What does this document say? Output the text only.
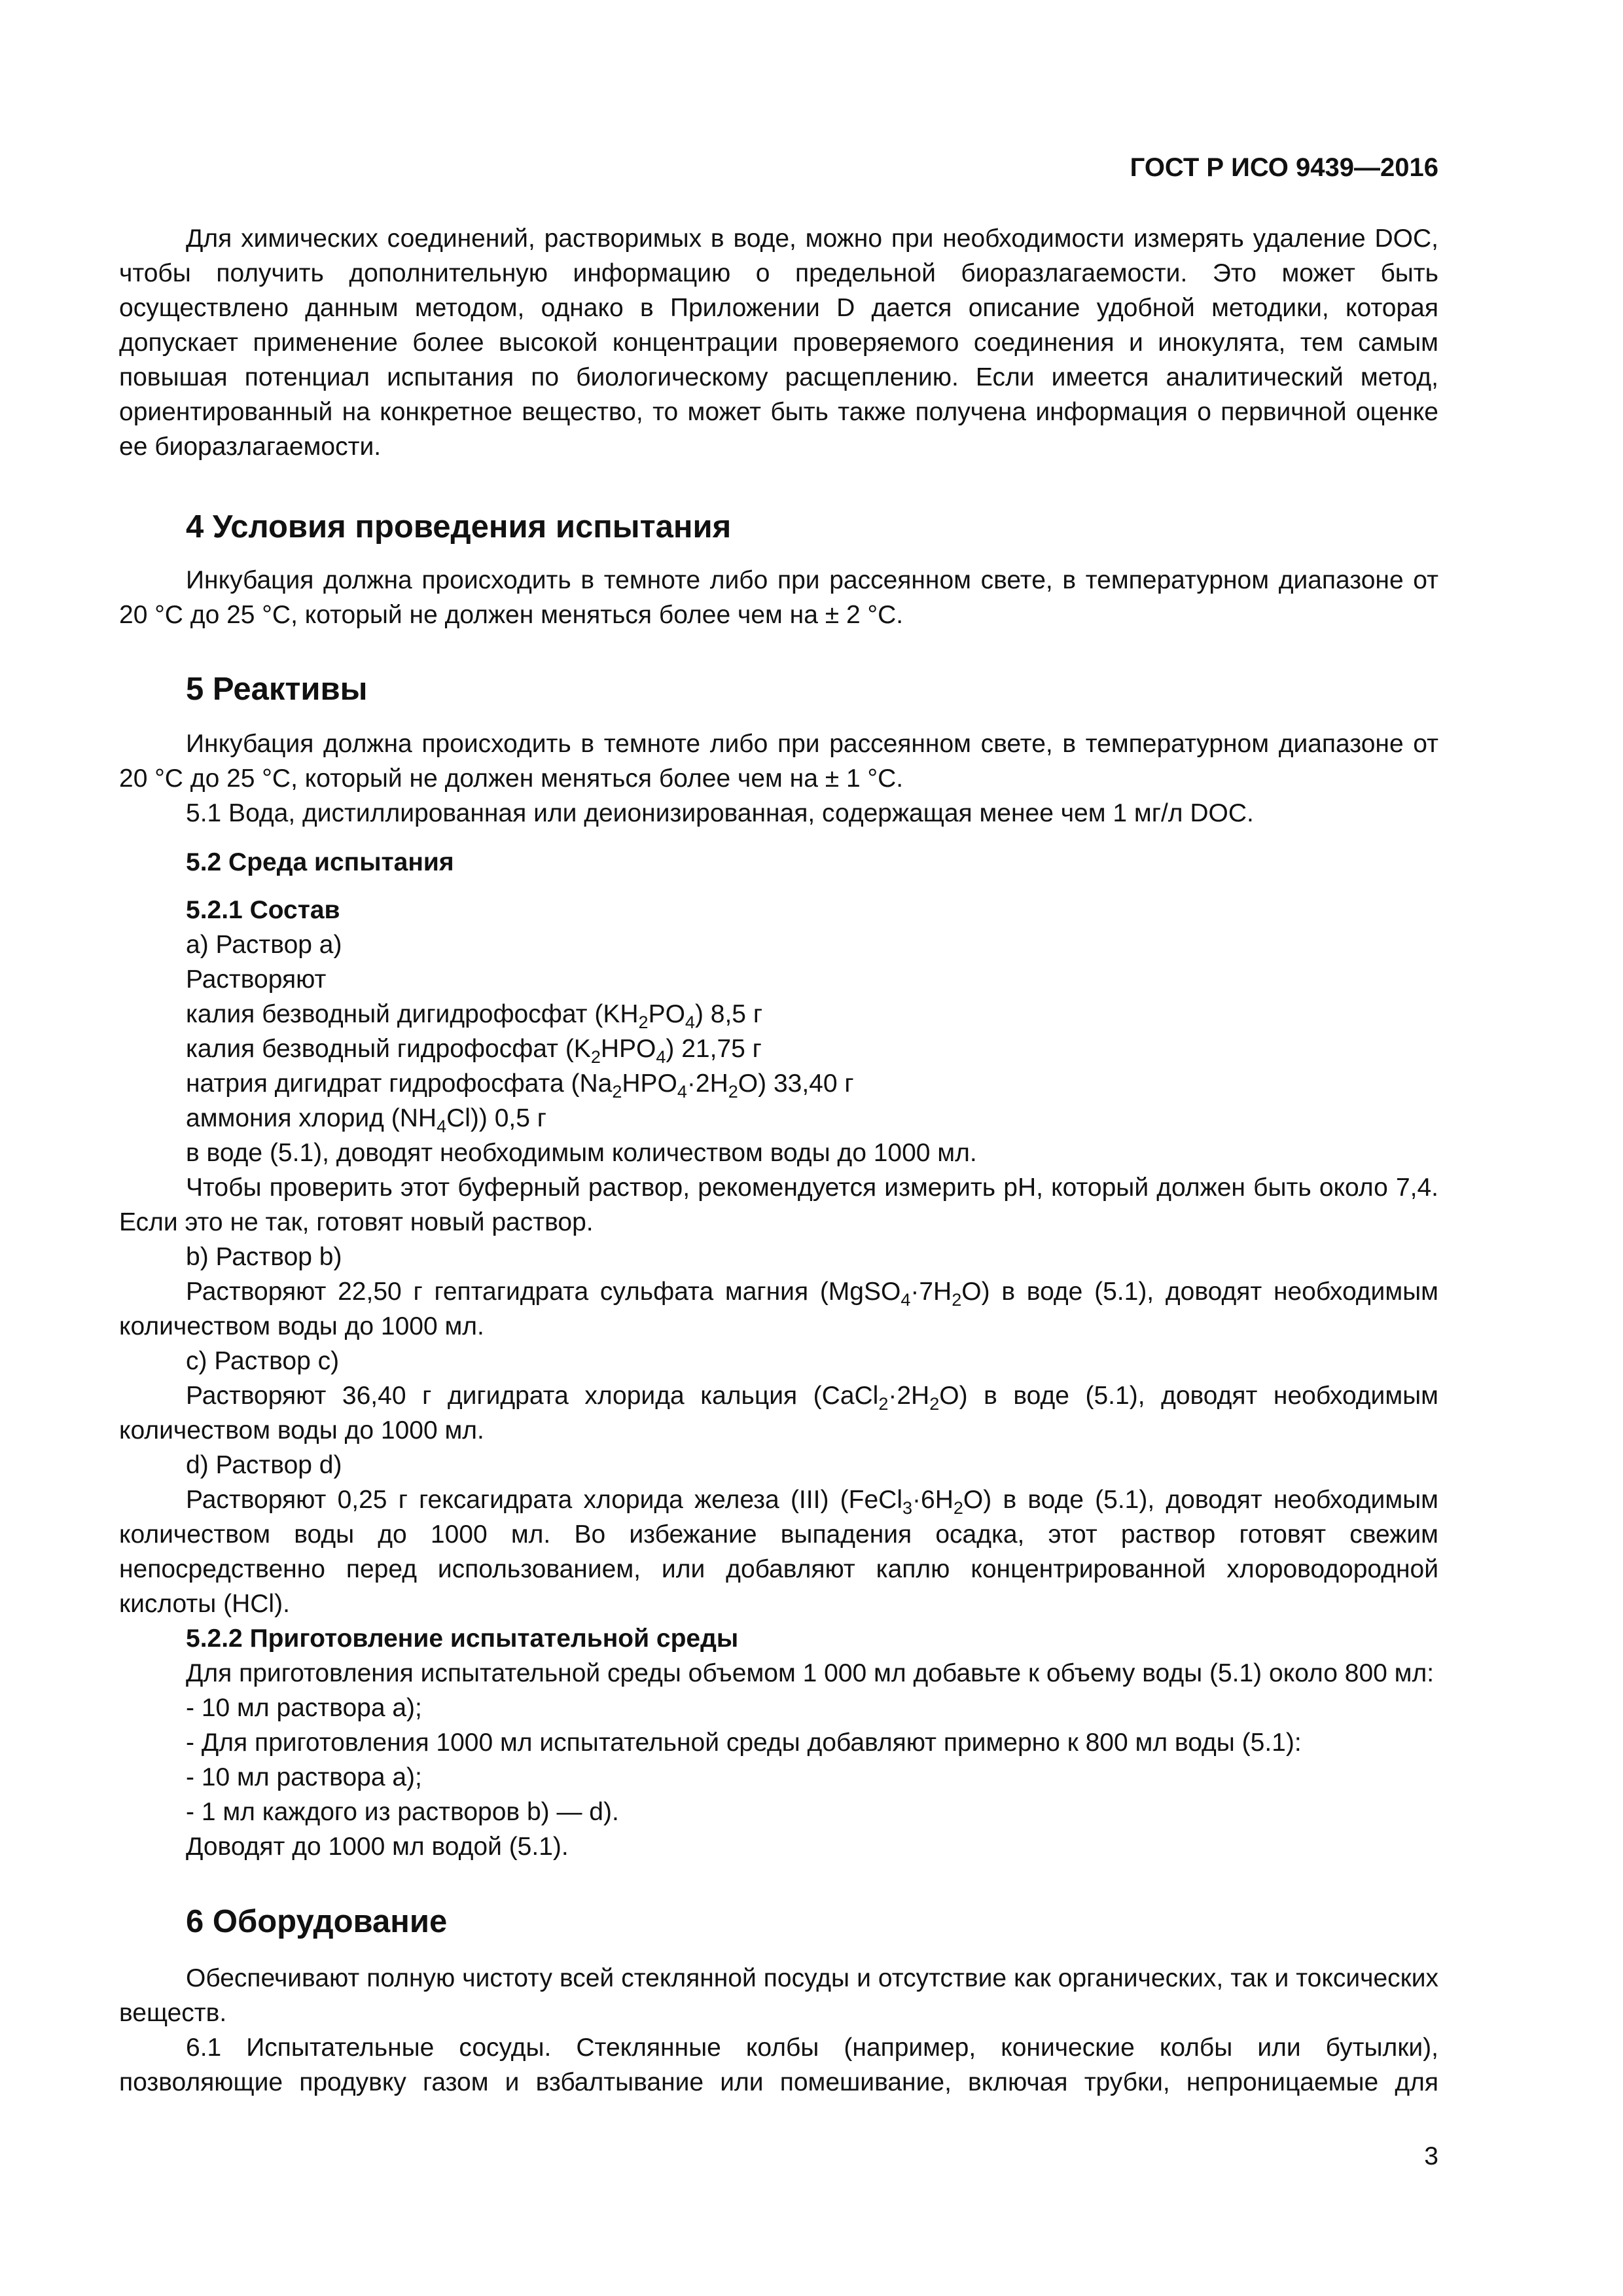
ГОСТ Р ИСО 9439—2016

Для химических соединений, растворимых в воде, можно при необходимости измерять удаление DOC, чтобы получить дополнительную информацию о предельной биоразлагаемости. Это может быть осуществлено данным методом, однако в Приложении D дается описание удобной методики, которая допускает применение более высокой концентрации проверяемого соединения и инокулята, тем самым повышая потенциал испытания по биологическому расщеплению. Если имеется аналитический метод, ориентированный на конкретное вещество, то может быть также получена информация о первичной оценке ее биоразлагаемости.

4 Условия проведения испытания

Инкубация должна происходить в темноте либо при рассеянном свете, в температурном диапазоне от 20 °C до 25 °C, который не должен меняться более чем на ± 2 °C.

5 Реактивы

Инкубация должна происходить в темноте либо при рассеянном свете, в температурном диапазоне от 20 °C до 25 °C, который не должен меняться более чем на ± 1 °C.

5.1 Вода, дистиллированная или деионизированная, содержащая менее чем 1 мг/л DOC.

5.2 Среда испытания
5.2.1 Состав

a) Раствор a)

Растворяют

калия безводный дигидрофосфат $(KH_2PO_4)$ 8,5 г

калия безводный гидрофосфат $(K_2HPO_4)$ 21,75 г

натрия дигидрат гидрофосфата $(Na_2HPO_4\cdot 2H_2O)$ 33,40 г

аммония хлорид $(NH_4Cl)$) 0,5 г

в воде (5.1), доводят необходимым количеством воды до 1000 мл.

Чтобы проверить этот буферный раствор, рекомендуется измерить pH, который должен быть около 7,4. Если это не так, готовят новый раствор.

b) Раствор b)

Растворяют 22,50 г гептагидрата сульфата магния $(MgSO_4\cdot 7H_2O)$ в воде (5.1), доводят необходимым количеством воды до 1000 мл.

c) Раствор c)

Растворяют 36,40 г дигидрата хлорида кальция $(CaCl_2\cdot 2H_2O)$ в воде (5.1), доводят необходимым количеством воды до 1000 мл.

d) Раствор d)

Растворяют 0,25 г гексагидрата хлорида железа (III) $(FeCl_3\cdot 6H_2O)$ в воде (5.1), доводят необходимым количеством воды до 1000 мл. Во избежание выпадения осадка, этот раствор готовят свежим непосредственно перед использованием, или добавляют каплю концентрированной хлороводородной кислоты (HCl).

5.2.2 Приготовление испытательной среды

Для приготовления испытательной среды объемом 1 000 мл добавьте к объему воды (5.1) около 800 мл:

- 10 мл раствора a);

- Для приготовления 1000 мл испытательной среды добавляют примерно к 800 мл воды (5.1):

- 10 мл раствора a);

- 1 мл каждого из растворов b) — d).

Доводят до 1000 мл водой (5.1).

6 Оборудование

Обеспечивают полную чистоту всей стеклянной посуды и отсутствие как органических, так и токсических веществ.

6.1 Испытательные сосуды. Стеклянные колбы (например, конические колбы или бутылки), позволяющие продувку газом и взбалтывание или помешивание, включая трубки, непроницаемые для

3
